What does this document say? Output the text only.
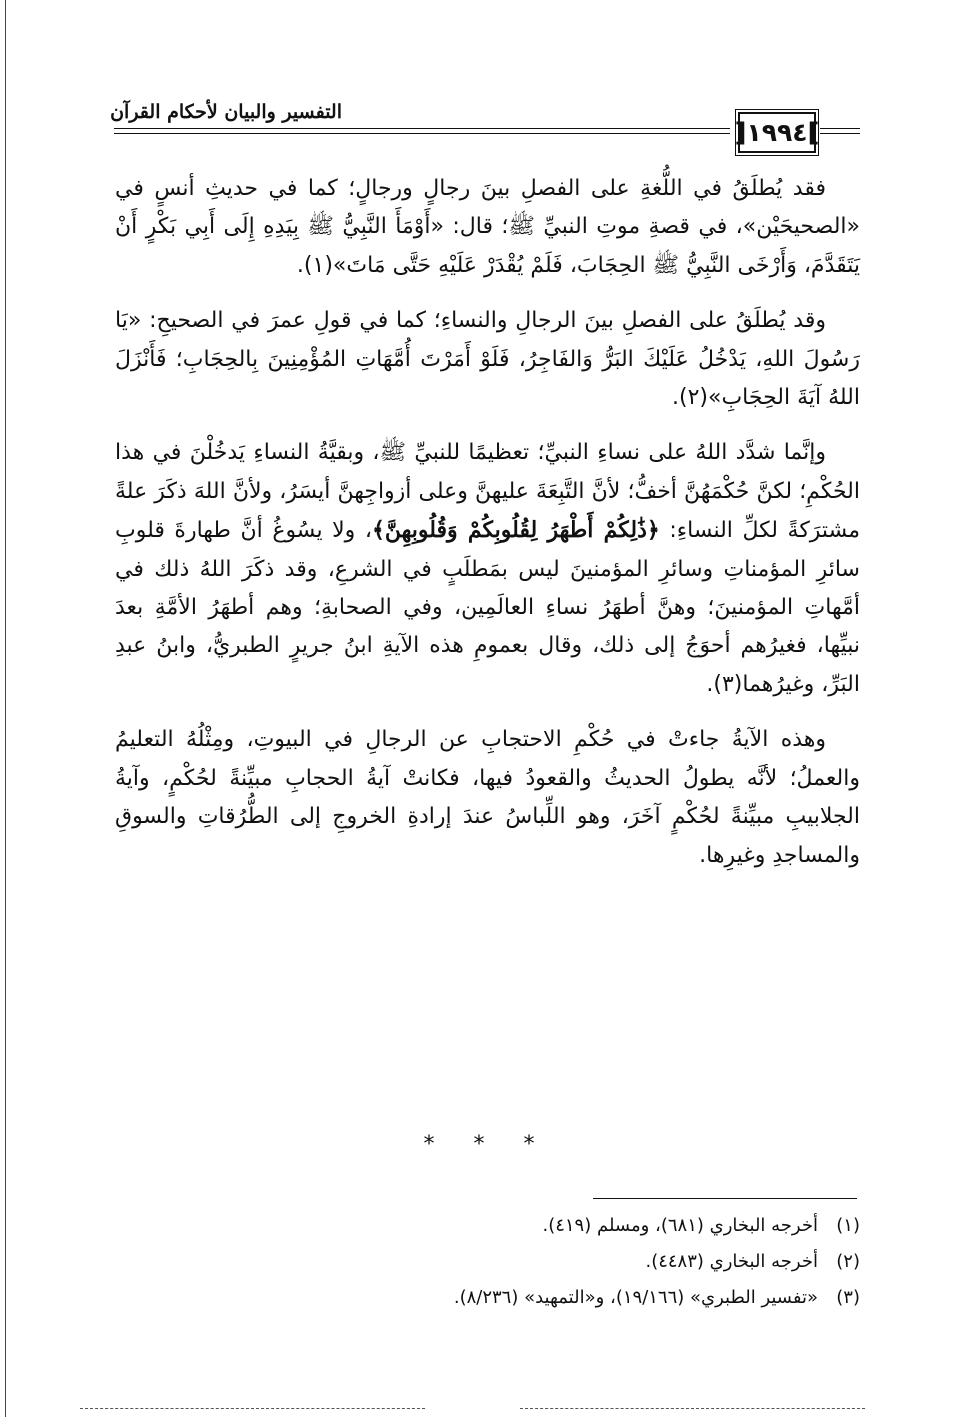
التفسير والبيان لأحكام القرآن
]
١٩٩٤
[

فقد يُطلَقُ في اللُّغةِ على الفصلِ بينَ رجالٍ ورجالٍ؛ كما في حديثِ أنسٍ في «الصحيحَيْن»، في قصةِ موتِ النبيِّ ﷺ؛ قال: «أَوْمَأَ النَّبِيُّ ﷺ بِيَدِهِ إِلَى أَبِي بَكْرٍ أَنْ يَتَقَدَّمَ، وَأَرْخَى النَّبِيُّ ﷺ الحِجَابَ، فَلَمْ يُقْدَرْ عَلَيْهِ حَتَّى مَاتَ»(١).

وقد يُطلَقُ على الفصلِ بينَ الرجالِ والنساءِ؛ كما في قولِ عمرَ في الصحيحِ: «يَا رَسُولَ اللهِ، يَدْخُلُ عَلَيْكَ البَرُّ وَالفَاجِرُ، فَلَوْ أَمَرْتَ أُمَّهَاتِ المُؤْمِنِينَ بِالحِجَابِ؛ فَأَنْزَلَ اللهُ آيَةَ الحِجَابِ»(٢).

وإنَّما شدَّد اللهُ على نساءِ النبيِّ؛ تعظيمًا للنبيِّ ﷺ، وبقيَّةُ النساءِ يَدخُلْنَ في هذا الحُكْمِ؛ لكنَّ حُكْمَهُنَّ أخفُّ؛ لأنَّ التَّبِعَةَ عليهنَّ وعلى أزواجِهنَّ أيسَرُ، ولأنَّ اللهَ ذكَرَ علةً مشترَكةً لكلِّ النساءِ: ﴿ذَٰلِكُمْ أَطْهَرُ لِقُلُوبِكُمْ وَقُلُوبِهِنَّ﴾، ولا يسُوغُ أنَّ طهارةَ قلوبِ سائرِ المؤمناتِ وسائرِ المؤمنينَ ليس بمَطلَبٍ في الشرعِ، وقد ذكَرَ اللهُ ذلك في أمَّهاتِ المؤمنينَ؛ وهنَّ أطهَرُ نساءِ العالَمِين، وفي الصحابةِ؛ وهم أطهَرُ الأمَّةِ بعدَ نبيِّها، فغيرُهم أحوَجُ إلى ذلك، وقال بعمومِ هذه الآيةِ ابنُ جريرٍ الطبريُّ، وابنُ عبدِ البَرِّ، وغيرُهما(٣).

وهذه الآيةُ جاءتْ في حُكْمِ الاحتجابِ عن الرجالِ في البيوتِ، ومِثْلُهُ التعليمُ والعملُ؛ لأنَّه يطولُ الحديثُ والقعودُ فيها، فكانتْ آيةُ الحجابِ مبيِّنةً لحُكْمٍ، وآيةُ الجلابيبِ مبيِّنةً لحُكْمٍ آخَرَ، وهو اللِّباسُ عندَ إرادةِ الخروجِ إلى الطُّرُقاتِ والسوقِ والمساجدِ وغيرِها.

* * *

(١)أخرجه البخاري (٦٨١)، ومسلم (٤١٩).

(٢)أخرجه البخاري (٤٤٨٣).

(٣)«تفسير الطبري» (١٩/١٦٦)، و«التمهيد» (٨/٢٣٦).
